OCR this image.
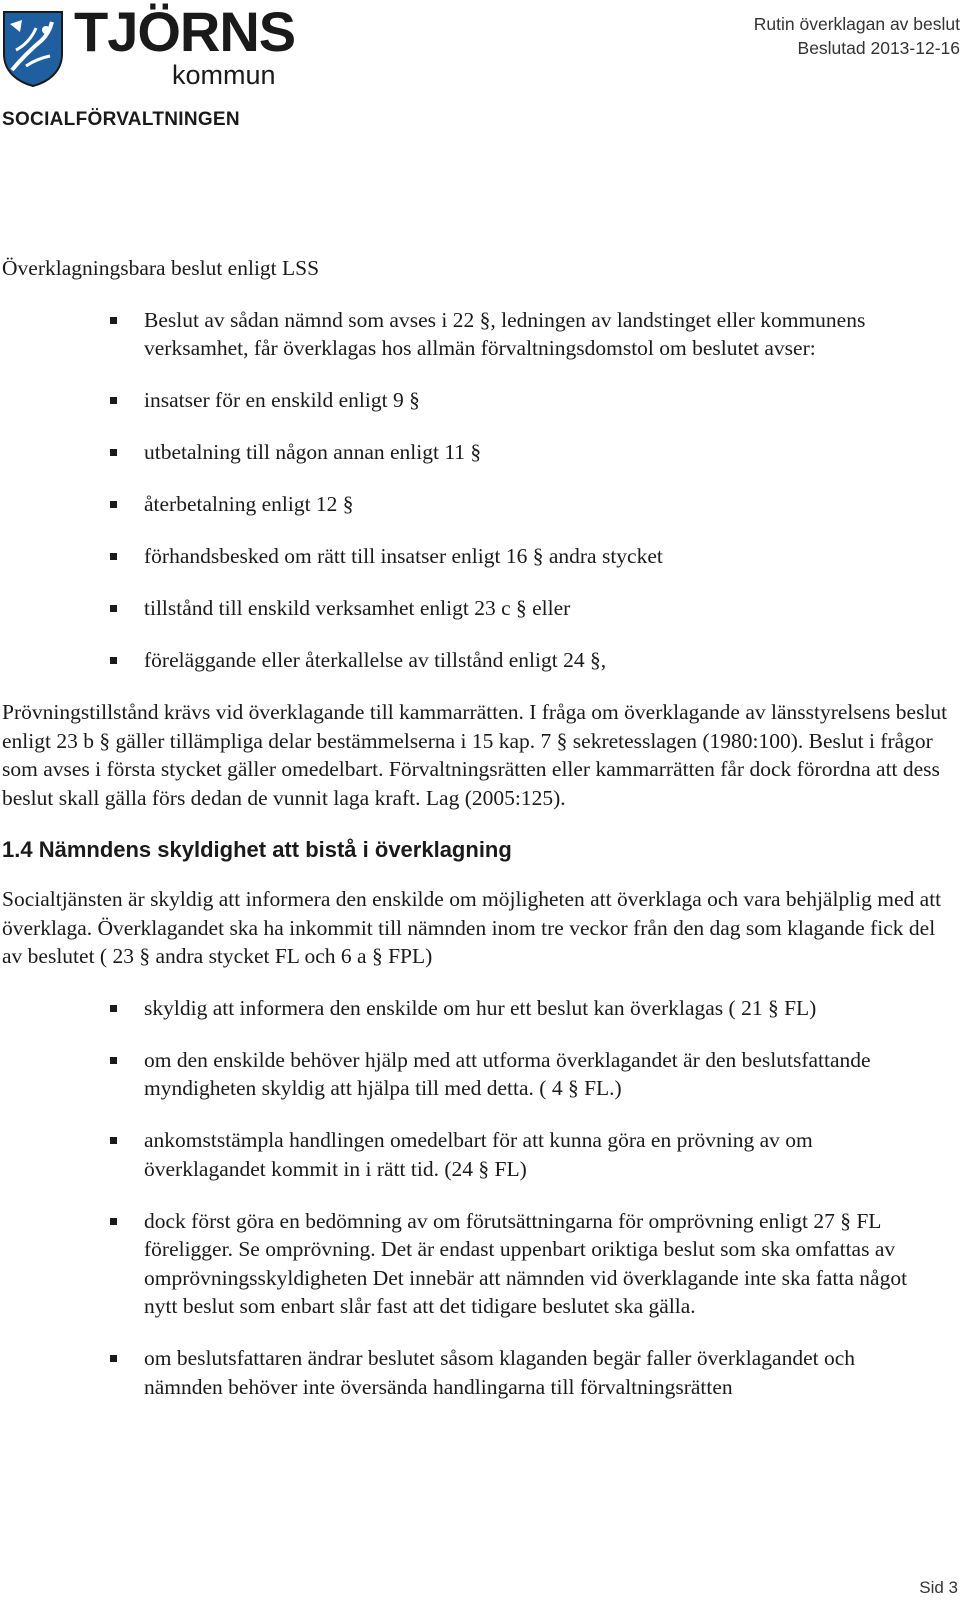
TJÖRNS
kommun
SOCIALFÖRVALTNINGEN
Rutin överklagan av beslut
Beslutad 2013-12-16
Överklagningsbara beslut enligt LSS
Beslut av sådan nämnd som avses i 22 §, ledningen av landstinget eller kommunens verksamhet, får överklagas hos allmän förvaltningsdomstol om beslutet avser:
insatser för en enskild enligt 9 §
utbetalning till någon annan enligt 11 §
återbetalning enligt 12 §
förhandsbesked om rätt till insatser enligt 16 § andra stycket
tillstånd till enskild verksamhet enligt 23 c § eller
föreläggande eller återkallelse av tillstånd enligt 24 §,
Prövningstillstånd krävs vid överklagande till kammarrätten. I fråga om överklagande av länsstyrelsens beslut enligt 23 b § gäller tillämpliga delar bestämmelserna i 15 kap. 7 § sekretesslagen (1980:100). Beslut i frågor som avses i första stycket gäller omedelbart. Förvaltningsrätten eller kammarrätten får dock förordna att dess beslut skall gälla förs dedan de vunnit laga kraft. Lag (2005:125).
1.4 Nämndens skyldighet att bistå i överklagning
Socialtjänsten är skyldig att informera den enskilde om möjligheten att överklaga och vara behjälplig med att överklaga. Överklagandet ska ha inkommit till nämnden inom tre veckor från den dag som klagande fick del av beslutet ( 23 § andra stycket FL och 6 a § FPL)
skyldig att informera den enskilde om hur ett beslut kan överklagas ( 21 § FL)
om den enskilde behöver hjälp med att utforma överklagandet är den beslutsfattande myndigheten skyldig att hjälpa till med detta. ( 4 § FL.)
ankomststämpla handlingen omedelbart för att kunna göra en prövning av om överklagandet kommit in i rätt tid. (24 § FL)
dock först göra en bedömning av om förutsättningarna för omprövning enligt 27 § FL föreligger. Se omprövning. Det är endast uppenbart oriktiga beslut som ska omfattas av omprövningsskyldigheten Det innebär att nämnden vid överklagande inte ska fatta något nytt beslut som enbart slår fast att det tidigare beslutet ska gälla.
om beslutsfattaren ändrar beslutet såsom klaganden begär faller överklagandet och nämnden behöver inte översända handlingarna till förvaltningsrätten
Sid 3
